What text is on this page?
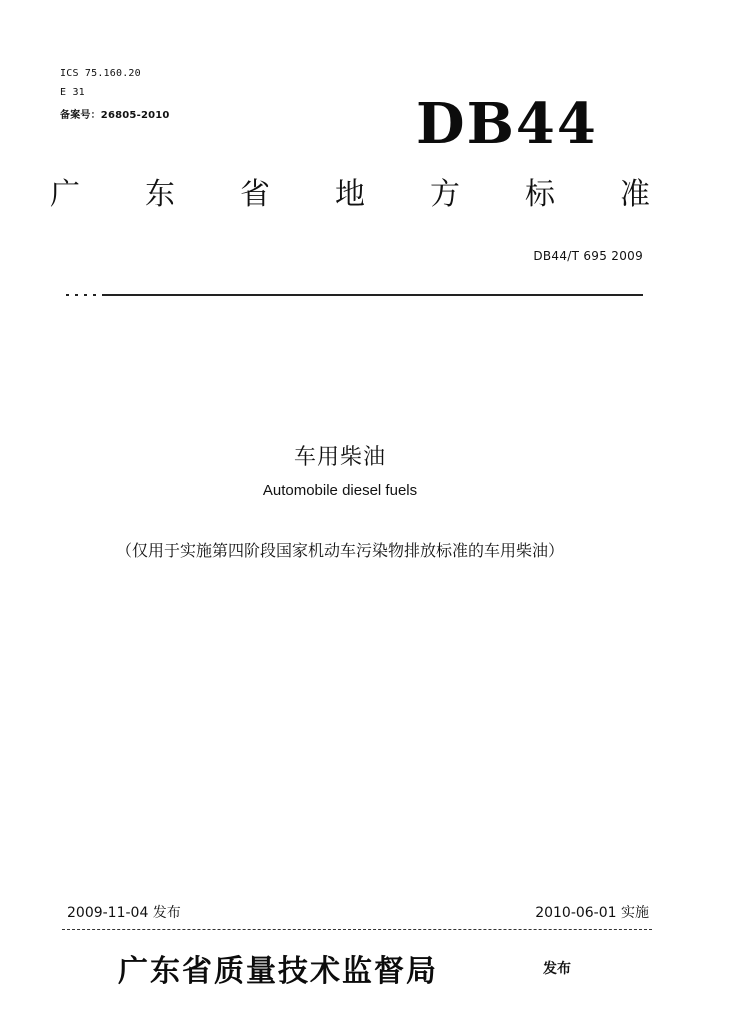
ICS 75.160.20
E 31
备案号：26805-2010	DB44
广 东 省 地 方 标 准
DB44/T 695 2009
车用柴油
Automobile diesel fuels
（仅用于实施第四阶段国家机动车污染物排放标准的车用柴油）
2009-11-04 发布	2010-06-01 实施
广东省质量技术监督局	发布
